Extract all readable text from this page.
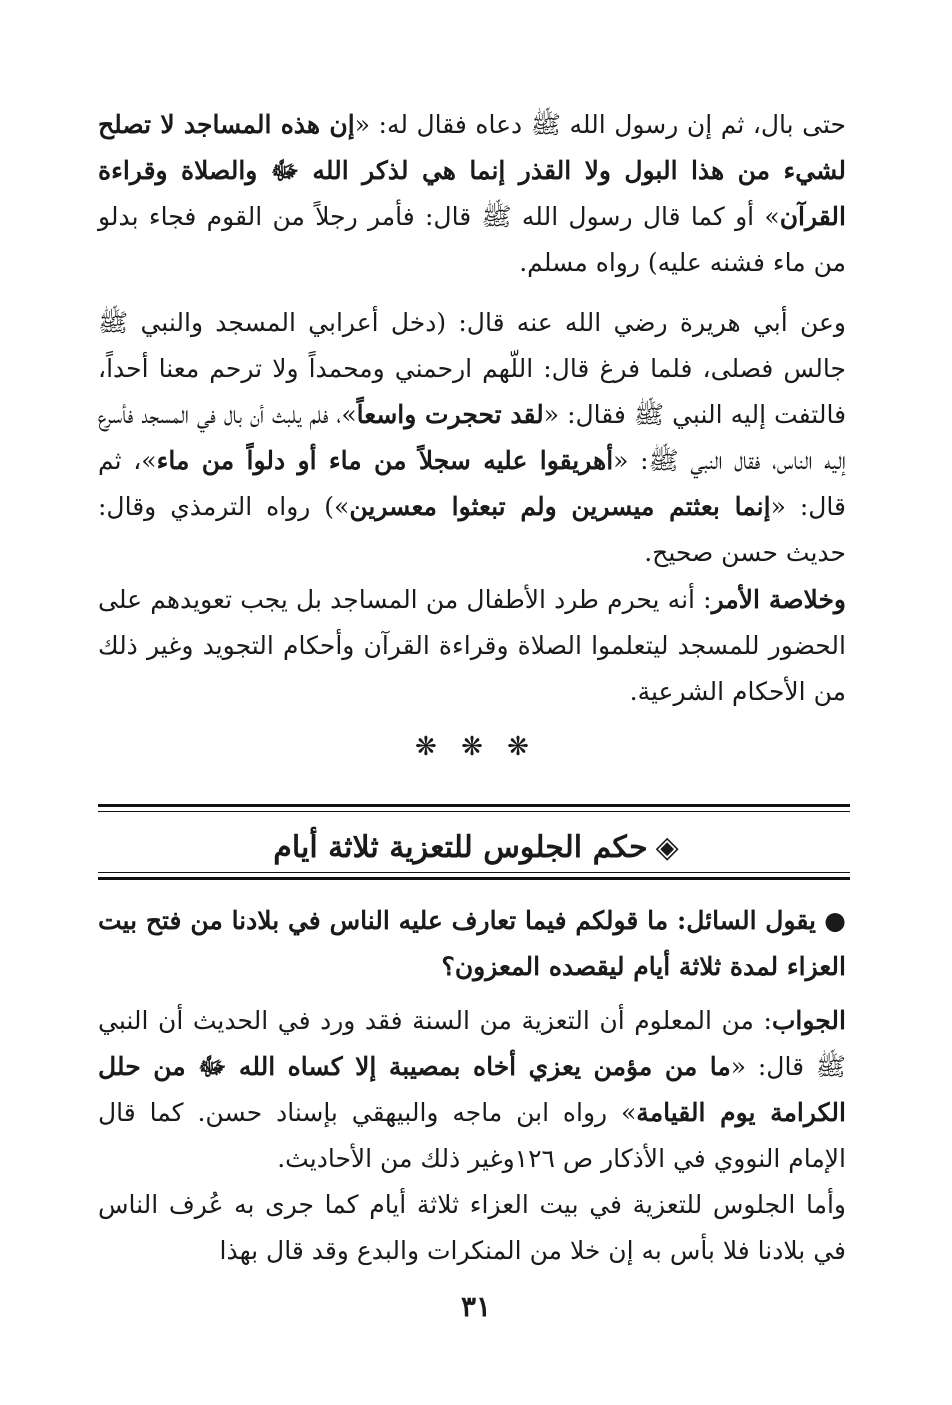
حتى بال، ثم إن رسول الله ﷺ دعاه فقال له: «إن هذه المساجد لا تصلح لشيء من هذا البول ولا القذر إنما هي لذكر الله ﷻ والصلاة وقراءة القرآن» أو كما قال رسول الله ﷺ قال: فأمر رجلاً من القوم فجاء بدلو من ماء فشنه عليه) رواه مسلم.

وعن أبي هريرة رضي الله عنه قال: (دخل أعرابي المسجد والنبي ﷺ جالس فصلى، فلما فرغ قال: اللّهم ارحمني ومحمداً ولا ترحم معنا أحداً، فالتفت إليه النبي ﷺ فقال: «لقد تحجرت واسعاً»، فلم يلبث أن بال في المسجد فأسرع إليه الناس، فقال النبي ﷺ: «أهريقوا عليه سجلاً من ماء أو دلواً من ماء»، ثم قال: «إنما بعثتم ميسرين ولم تبعثوا معسرين») رواه الترمذي وقال: حديث حسن صحيح.

وخلاصة الأمر: أنه يحرم طرد الأطفال من المساجد بل يجب تعويدهم على الحضور للمسجد ليتعلموا الصلاة وقراءة القرآن وأحكام التجويد وغير ذلك من الأحكام الشرعية.

❋ ❋ ❋
◈حكم الجلوس للتعزية ثلاثة أيام

● يقول السائل: ما قولكم فيما تعارف عليه الناس في بلادنا من فتح بيت العزاء لمدة ثلاثة أيام ليقصده المعزون؟

الجواب: من المعلوم أن التعزية من السنة فقد ورد في الحديث أن النبي ﷺ قال: «ما من مؤمن يعزي أخاه بمصيبة إلا كساه الله ﷻ من حلل الكرامة يوم القيامة» رواه ابن ماجه والبيهقي بإسناد حسن. كما قال الإمام النووي في الأذكار ص ١٢٦وغير ذلك من الأحاديث.

وأما الجلوس للتعزية في بيت العزاء ثلاثة أيام كما جرى به عُرف الناس في بلادنا فلا بأس به إن خلا من المنكرات والبدع وقد قال بهذا

٣١
